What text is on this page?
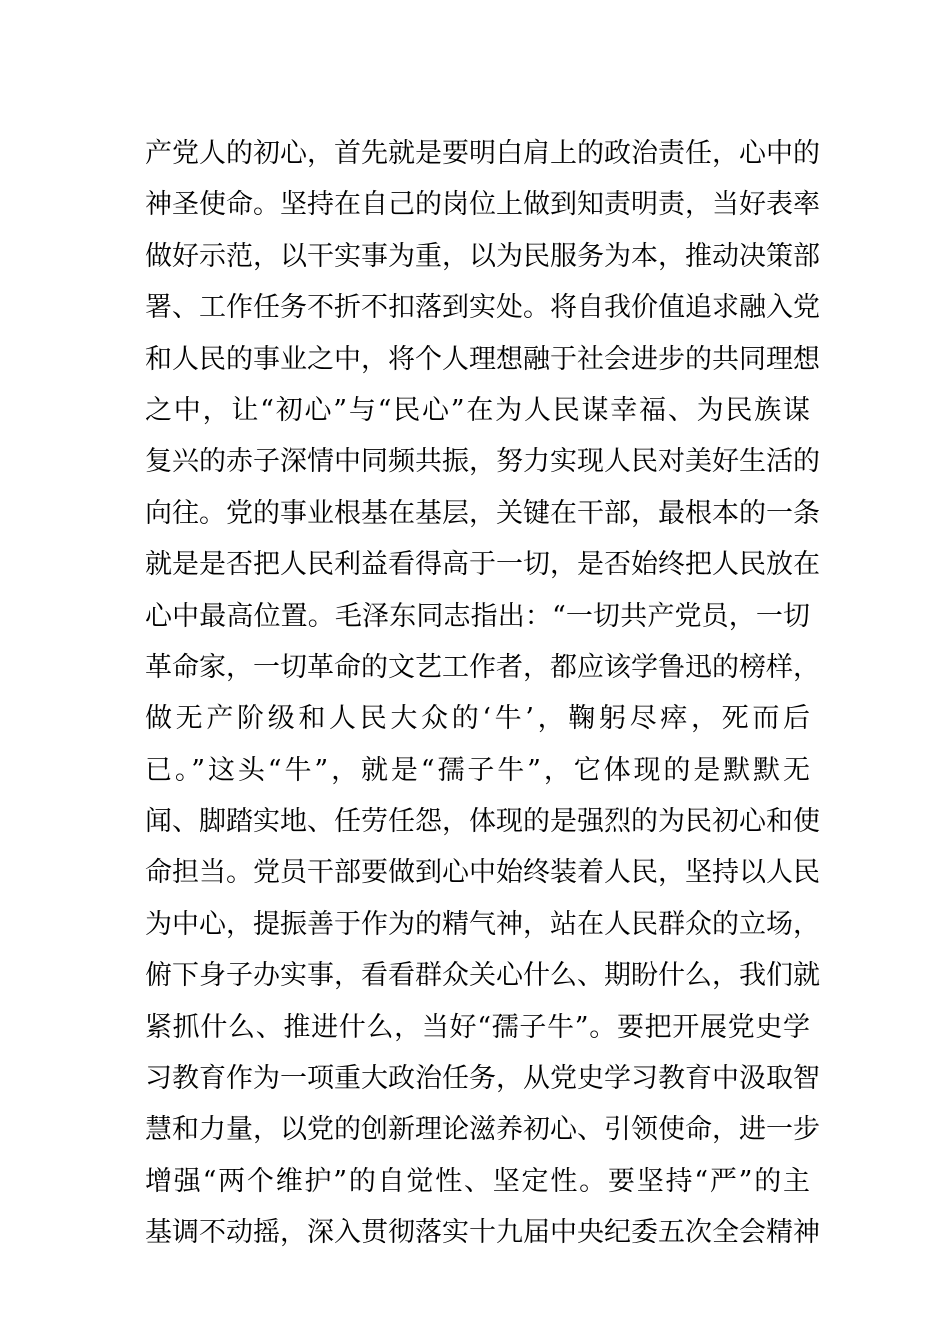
产党人的初心，首先就是要明白肩上的政治责任，心中的
神圣使命。坚持在自己的岗位上做到知责明责，当好表率
做好示范，以干实事为重，以为民服务为本，推动决策部
署、工作任务不折不扣落到实处。将自我价值追求融入党
和人民的事业之中，将个人理想融于社会进步的共同理想
之中，让“初心”与“民心”在为人民谋幸福、为民族谋
复兴的赤子深情中同频共振，努力实现人民对美好生活的
向往。党的事业根基在基层，关键在干部，最根本的一条
就是是否把人民利益看得高于一切，是否始终把人民放在
心中最高位置。毛泽东同志指出：“一切共产党员，一切
革命家，一切革命的文艺工作者，都应该学鲁迅的榜样，
做无产阶级和人民大众的‘牛’，鞠躬尽瘁，死而后
已。”这头“牛”，就是“孺子牛”，它体现的是默默无
闻、脚踏实地、任劳任怨，体现的是强烈的为民初心和使
命担当。党员干部要做到心中始终装着人民，坚持以人民
为中心，提振善于作为的精气神，站在人民群众的立场，
俯下身子办实事，看看群众关心什么、期盼什么，我们就
紧抓什么、推进什么，当好“孺子牛”。要把开展党史学
习教育作为一项重大政治任务，从党史学习教育中汲取智
慧和力量，以党的创新理论滋养初心、引领使命，进一步
增强“两个维护”的自觉性、坚定性。要坚持“严”的主
基调不动摇，深入贯彻落实十九届中央纪委五次全会精神
